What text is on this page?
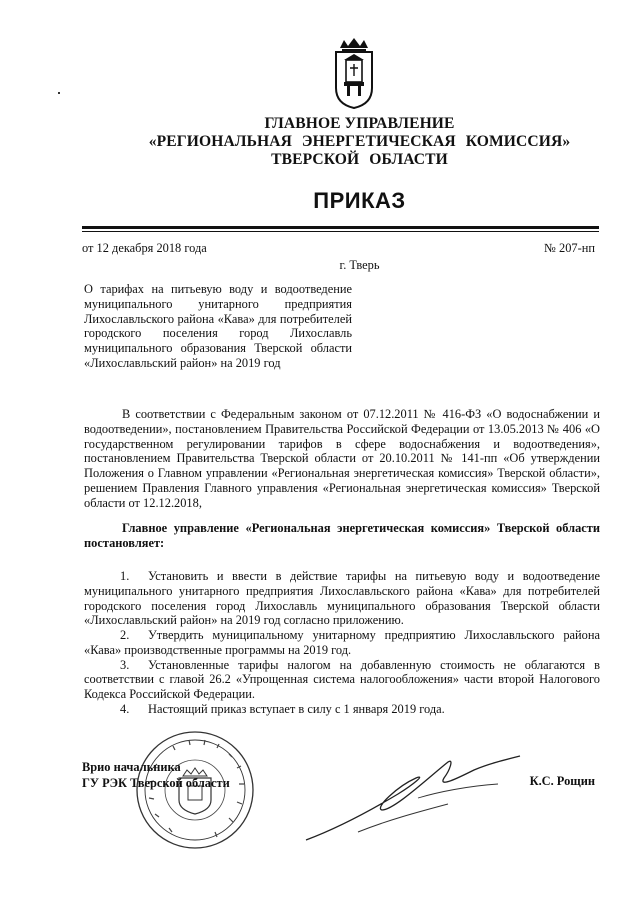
ГЛАВНОЕ УПРАВЛЕНИЕ
«РЕГИОНАЛЬНАЯ ЭНЕРГЕТИЧЕСКАЯ КОМИССИЯ»
ТВЕРСКОЙ ОБЛАСТИ
ПРИКАЗ
от 12 декабря 2018 года	№ 207-нп
г. Тверь
О тарифах на питьевую воду и водоотведение муниципального унитарного предприятия Лихославльского района «Кава» для потребителей городского поселения город Лихославль муниципального образования Тверской области «Лихославльский район» на 2019 год
В соответствии с Федеральным законом от 07.12.2011 № 416-ФЗ «О водоснабжении и водоотведении», постановлением Правительства Российской Федерации от 13.05.2013 № 406 «О государственном регулировании тарифов в сфере водоснабжения и водоотведения», постановлением Правительства Тверской области от 20.10.2011 № 141-пп «Об утверждении Положения о Главном управлении «Региональная энергетическая комиссия» Тверской области», решением Правления Главного управления «Региональная энергетическая комиссия» Тверской области от 12.12.2018,
Главное управление «Региональная энергетическая комиссия» Тверской области постановляет:

1. Установить и ввести в действие тарифы на питьевую воду и водоотведение муниципального унитарного предприятия Лихославльского района «Кава» для потребителей городского поселения город Лихославль муниципального образования Тверской области «Лихославльский район» на 2019 год согласно приложению.

2. Утвердить муниципальному унитарному предприятию Лихославльского района «Кава» производственные программы на 2019 год.

3. Установленные тарифы налогом на добавленную стоимость не облагаются в соответствии с главой 26.2 «Упрощенная система налогообложения» части второй Налогового Кодекса Российской Федерации.

4. Настоящий приказ вступает в силу с 1 января 2019 года.

Врио начальника
ГУ РЭК Тверской области	К.С. Рощин
